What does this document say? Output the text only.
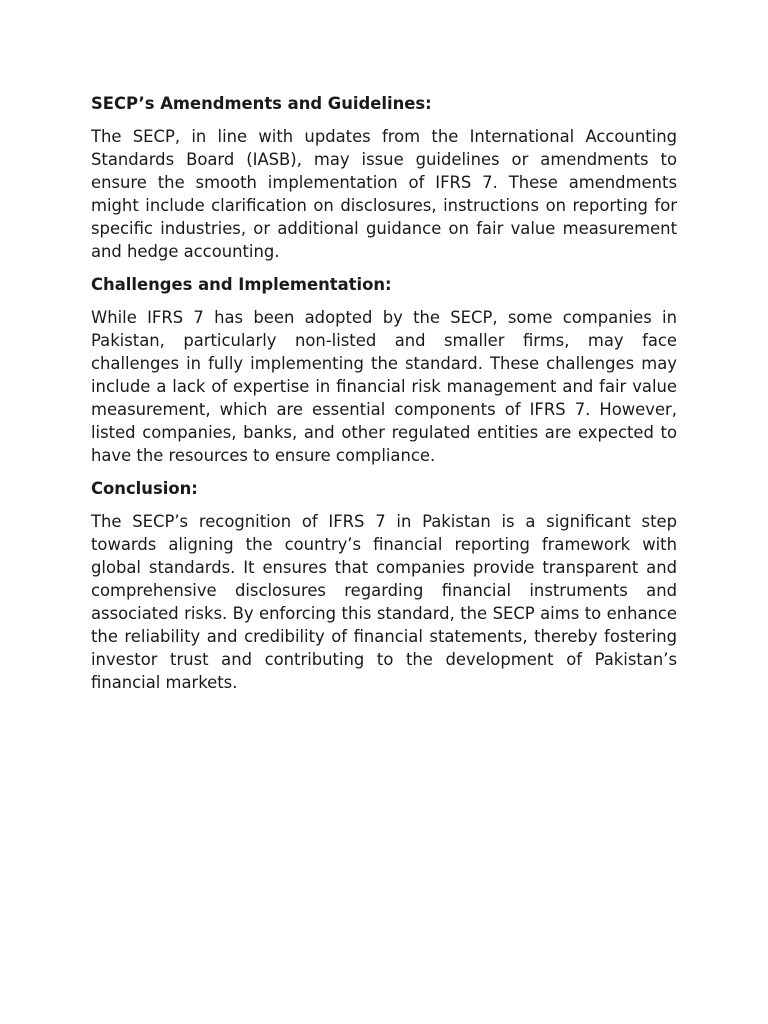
SECP’s Amendments and Guidelines:

The SECP, in line with updates from the International Accounting Standards Board (IASB), may issue guidelines or amendments to ensure the smooth implementation of IFRS 7. These amendments might include clarification on disclosures, instructions on reporting for specific industries, or additional guidance on fair value measurement and hedge accounting.

Challenges and Implementation:

While IFRS 7 has been adopted by the SECP, some companies in Pakistan, particularly non-listed and smaller firms, may face challenges in fully implementing the standard. These challenges may include a lack of expertise in financial risk management and fair value measurement, which are essential components of IFRS 7. However, listed companies, banks, and other regulated entities are expected to have the resources to ensure compliance.

Conclusion:

The SECP’s recognition of IFRS 7 in Pakistan is a significant step towards aligning the country’s financial reporting framework with global standards. It ensures that companies provide transparent and comprehensive disclosures regarding financial instruments and associated risks. By enforcing this standard, the SECP aims to enhance the reliability and credibility of financial statements, thereby fostering investor trust and contributing to the development of Pakistan’s financial markets.
